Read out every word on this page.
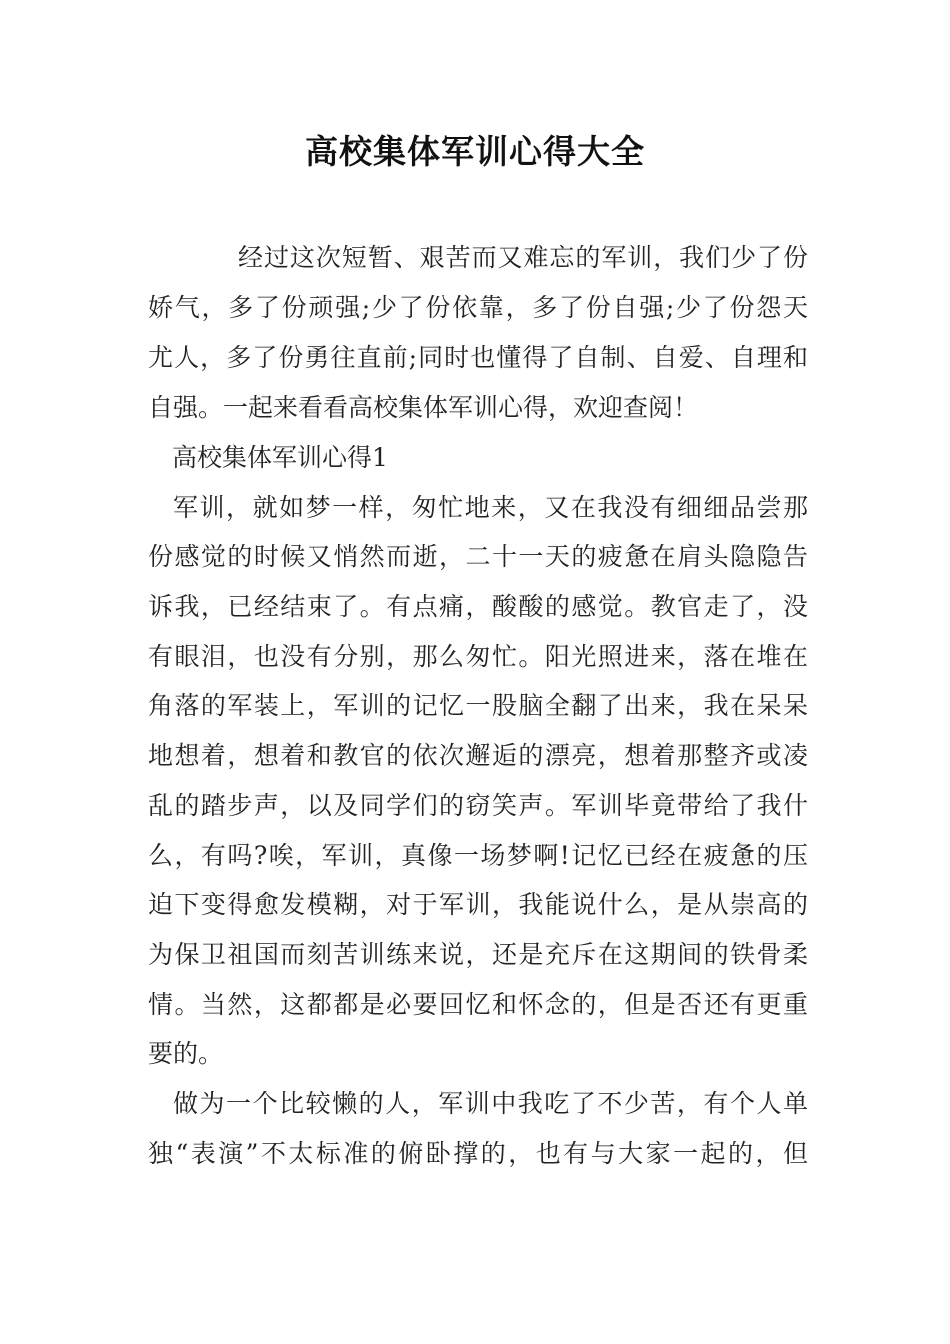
高校集体军训心得大全
经过这次短暂、艰苦而又难忘的军训，我们少了份
娇气，多了份顽强;少了份依靠，多了份自强;少了份怨天
尤人，多了份勇往直前;同时也懂得了自制、自爱、自理和
自强。一起来看看高校集体军训心得，欢迎查阅！
高校集体军训心得1
军训，就如梦一样，匆忙地来，又在我没有细细品尝那
份感觉的时候又悄然而逝，二十一天的疲惫在肩头隐隐告
诉我，已经结束了。有点痛，酸酸的感觉。教官走了，没
有眼泪，也没有分别，那么匆忙。阳光照进来，落在堆在
角落的军装上，军训的记忆一股脑全翻了出来，我在呆呆
地想着，想着和教官的依次邂逅的漂亮，想着那整齐或凌
乱的踏步声，以及同学们的窃笑声。军训毕竟带给了我什
么，有吗?唉，军训，真像一场梦啊!记忆已经在疲惫的压
迫下变得愈发模糊，对于军训，我能说什么，是从崇高的
为保卫祖国而刻苦训练来说，还是充斥在这期间的铁骨柔
情。当然，这都都是必要回忆和怀念的，但是否还有更重
要的。
做为一个比较懒的人，军训中我吃了不少苦，有个人单
独“表演”不太标准的俯卧撑的，也有与大家一起的，但
